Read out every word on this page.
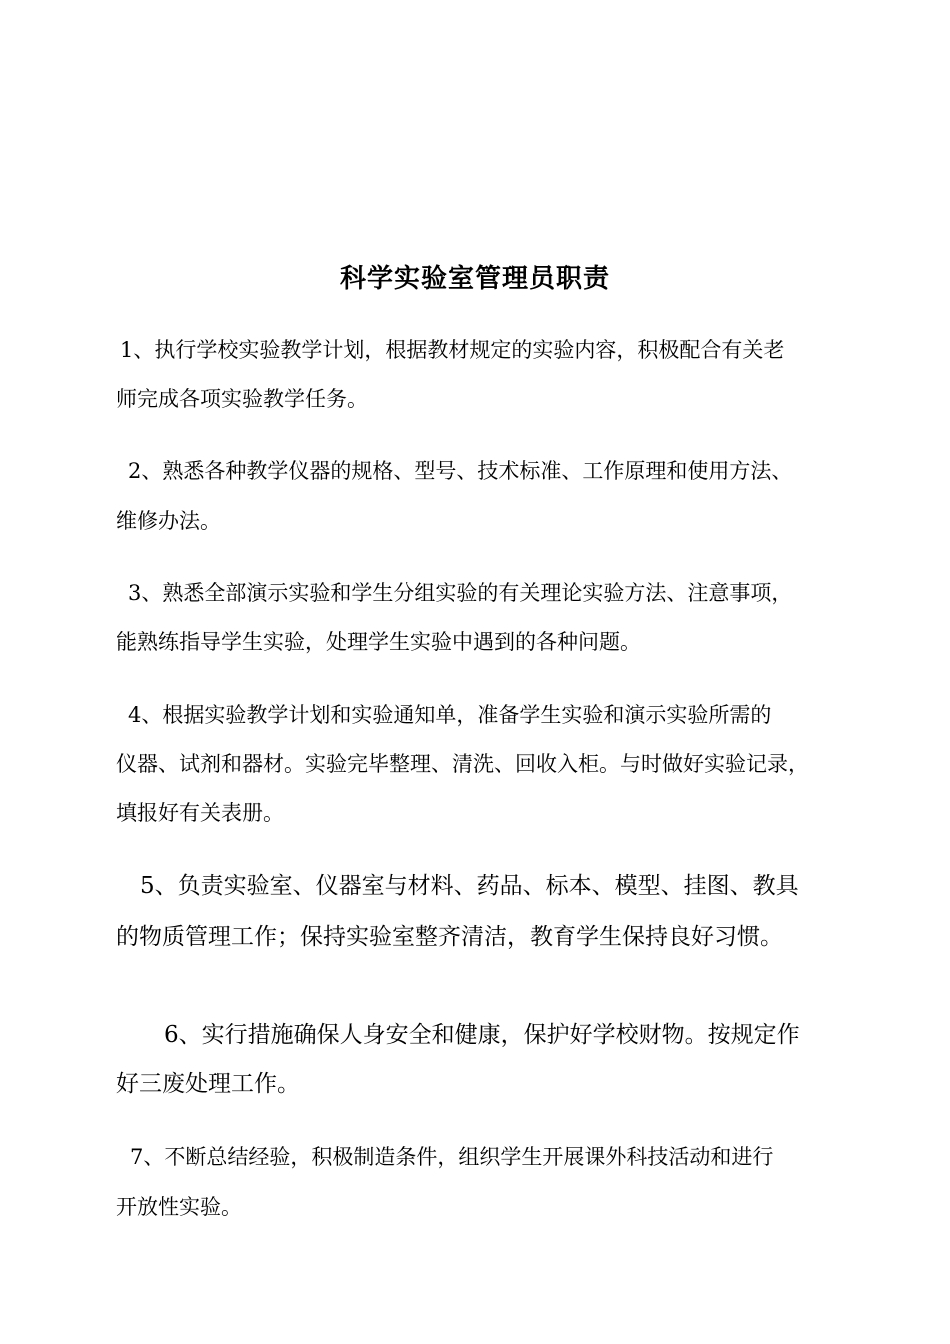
科学实验室管理员职责
1、执行学校实验教学计划，根据教材规定的实验内容，积极配合有关老
师完成各项实验教学任务。
2、熟悉各种教学仪器的规格、型号、技术标准、工作原理和使用方法、
维修办法。
3、熟悉全部演示实验和学生分组实验的有关理论实验方法、注意事项，
能熟练指导学生实验，处理学生实验中遇到的各种问题。
4、根据实验教学计划和实验通知单，准备学生实验和演示实验所需的
仪器、试剂和器材。实验完毕整理、清洗、回收入柜。与时做好实验记录，
填报好有关表册。
5、负责实验室、仪器室与材料、药品、标本、模型、挂图、教具
的物质管理工作；保持实验室整齐清洁，教育学生保持良好习惯。
6、实行措施确保人身安全和健康，保护好学校财物。按规定作
好三废处理工作。
7、不断总结经验，积极制造条件，组织学生开展课外科技活动和进行
开放性实验。
